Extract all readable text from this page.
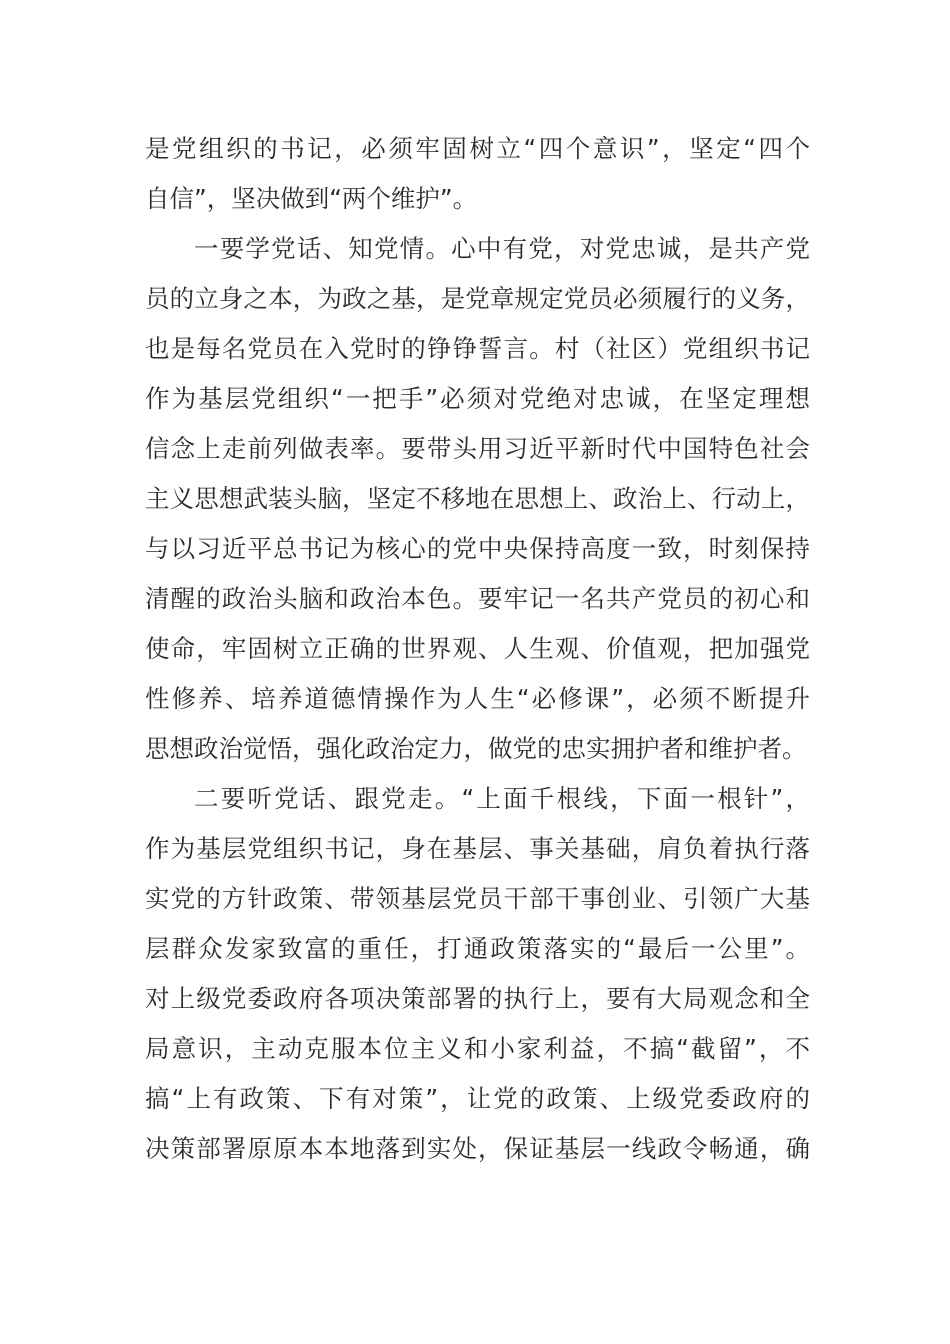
是党组织的书记，必须牢固树立“四个意识”，坚定“四个
自信”，坚决做到“两个维护”。
一要学党话、知党情。心中有党，对党忠诚，是共产党
员的立身之本，为政之基，是党章规定党员必须履行的义务，
也是每名党员在入党时的铮铮誓言。村（社区）党组织书记
作为基层党组织“一把手”必须对党绝对忠诚，在坚定理想
信念上走前列做表率。要带头用习近平新时代中国特色社会
主义思想武装头脑，坚定不移地在思想上、政治上、行动上，
与以习近平总书记为核心的党中央保持高度一致，时刻保持
清醒的政治头脑和政治本色。要牢记一名共产党员的初心和
使命，牢固树立正确的世界观、人生观、价值观，把加强党
性修养、培养道德情操作为人生“必修课”，必须不断提升
思想政治觉悟，强化政治定力，做党的忠实拥护者和维护者。
二要听党话、跟党走。“上面千根线，下面一根针”，
作为基层党组织书记，身在基层、事关基础，肩负着执行落
实党的方针政策、带领基层党员干部干事创业、引领广大基
层群众发家致富的重任，打通政策落实的“最后一公里”。
对上级党委政府各项决策部署的执行上，要有大局观念和全
局意识，主动克服本位主义和小家利益，不搞“截留”，不
搞“上有政策、下有对策”，让党的政策、上级党委政府的
决策部署原原本本地落到实处，保证基层一线政令畅通，确
